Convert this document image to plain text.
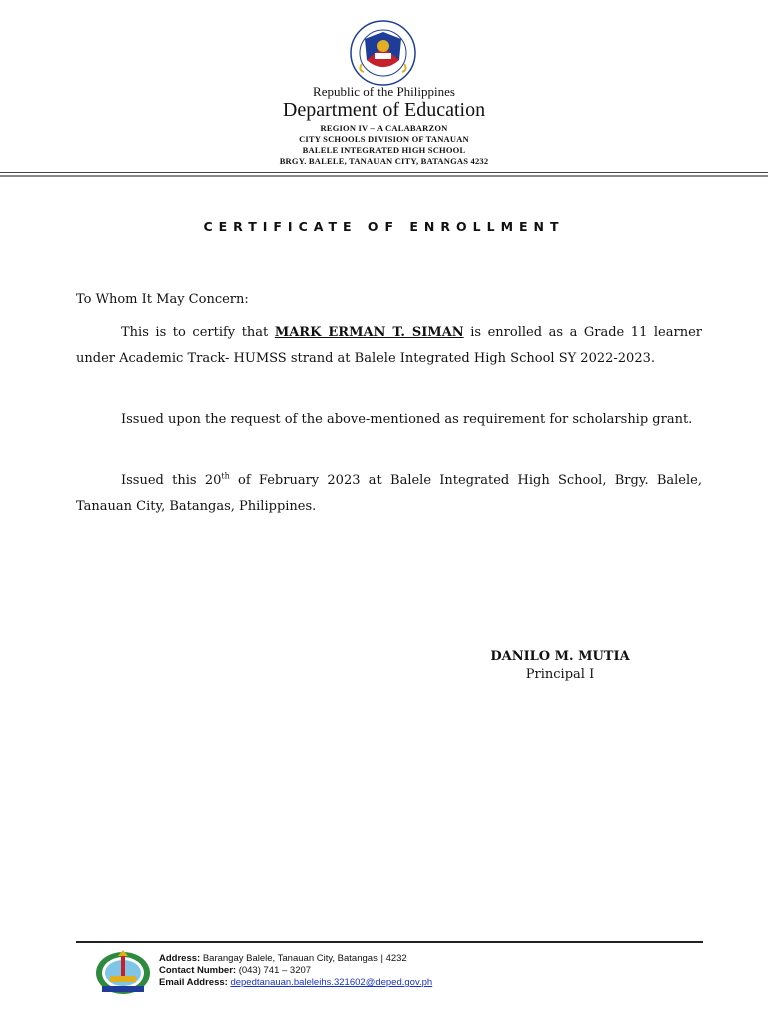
Republic of the Philippines
Department of Education
REGION IV – A CALABARZON
CITY SCHOOLS DIVISION OF TANAUAN
BALELE INTEGRATED HIGH SCHOOL
BRGY. BALELE, TANAUAN CITY, BATANGAS 4232
CERTIFICATE OF ENROLLMENT
To Whom It May Concern:
This is to certify that MARK ERMAN T. SIMAN is enrolled as a Grade 11 learner under Academic Track- HUMSS strand at Balele Integrated High School SY 2022-2023.
Issued upon the request of the above-mentioned as requirement for scholarship grant.
Issued this 20th of February 2023 at Balele Integrated High School, Brgy. Balele, Tanauan City, Batangas, Philippines.
DANILO M. MUTIA
Principal I
Address: Barangay Balele, Tanauan City, Batangas | 4232
Contact Number: (043) 741 – 3207
Email Address: depedtanauan.baleleihs.321602@deped.gov.ph
